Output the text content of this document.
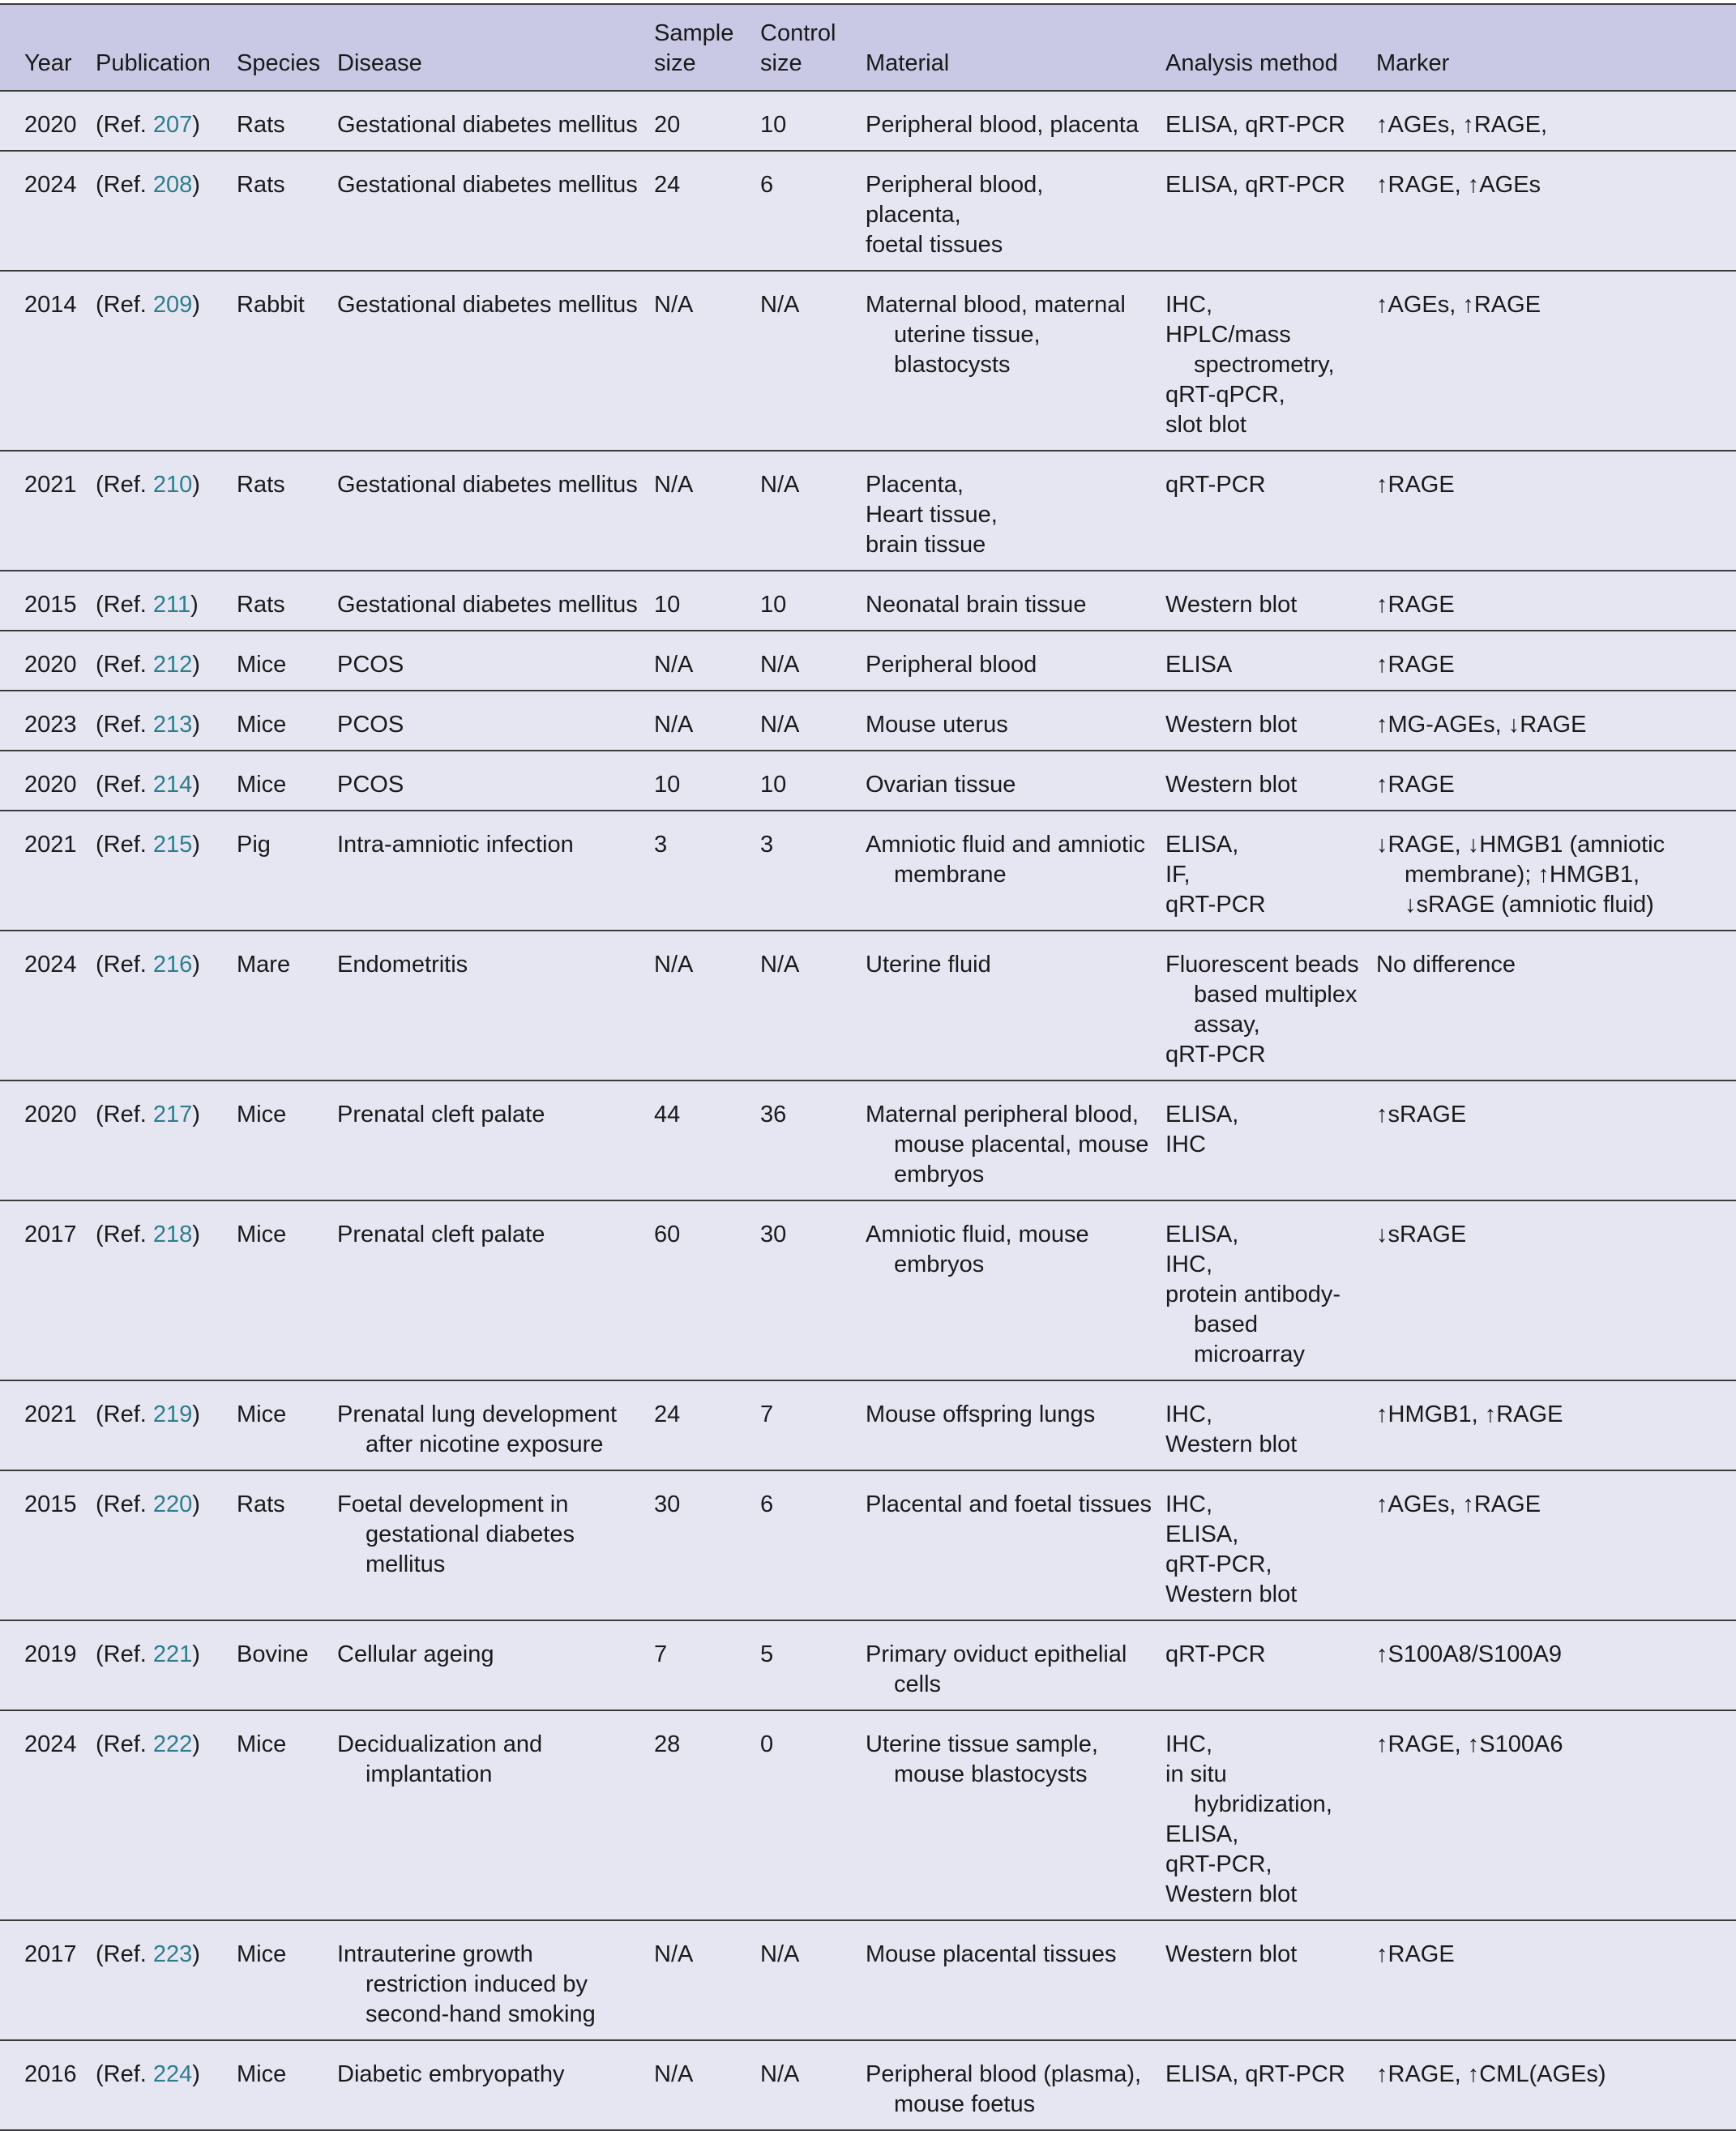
Year	Publication	Species	Disease	Sample size	Control size	Material	Analysis method	Marker
2020	(Ref. 207)	Rats	Gestational diabetes mellitus	20	10	Peripheral blood, placenta	ELISA, qRT-PCR	↑AGEs, ↑RAGE,

2024	(Ref. 208)	Rats	Gestational diabetes mellitus	24	6	Peripheral blood,
placenta,
foetal tissues	ELISA, qRT-PCR	↑RAGE, ↑AGEs

2014	(Ref. 209)	Rabbit	Gestational diabetes mellitus	N/A	N/A	Maternal blood, maternal uterine tissue, blastocysts	IHC,
HPLC/mass spectrometry,
qRT-qPCR,
slot blot	↑AGEs, ↑RAGE

2021	(Ref. 210)	Rats	Gestational diabetes mellitus	N/A	N/A	Placenta,
Heart tissue,
brain tissue	qRT-PCR	↑RAGE

2015	(Ref. 211)	Rats	Gestational diabetes mellitus	10	10	Neonatal brain tissue	Western blot	↑RAGE

2020	(Ref. 212)	Mice	PCOS	N/A	N/A	Peripheral blood	ELISA	↑RAGE

2023	(Ref. 213)	Mice	PCOS	N/A	N/A	Mouse uterus	Western blot	↑MG-AGEs, ↓RAGE

2020	(Ref. 214)	Mice	PCOS	10	10	Ovarian tissue	Western blot	↑RAGE

2021	(Ref. 215)	Pig	Intra-amniotic infection	3	3	Amniotic fluid and amniotic membrane	ELISA,
IF,
qRT-PCR	↓RAGE, ↓HMGB1 (amniotic membrane); ↑HMGB1, ↓sRAGE (amniotic fluid)

2024	(Ref. 216)	Mare	Endometritis	N/A	N/A	Uterine fluid	Fluorescent beads based multiplex assay,
qRT-PCR	No difference

2020	(Ref. 217)	Mice	Prenatal cleft palate	44	36	Maternal peripheral blood, mouse placental, mouse embryos	ELISA,
IHC	↑sRAGE

2017	(Ref. 218)	Mice	Prenatal cleft palate	60	30	Amniotic fluid, mouse embryos	ELISA,
IHC,
protein antibody-based microarray	↓sRAGE

2021	(Ref. 219)	Mice	Prenatal lung development after nicotine exposure	24	7	Mouse offspring lungs	IHC,
Western blot	↑HMGB1, ↑RAGE

2015	(Ref. 220)	Rats	Foetal development in gestational diabetes mellitus	30	6	Placental and foetal tissues	IHC,
ELISA,
qRT-PCR,
Western blot	↑AGEs, ↑RAGE

2019	(Ref. 221)	Bovine	Cellular ageing	7	5	Primary oviduct epithelial cells	qRT-PCR	↑S100A8/S100A9

2024	(Ref. 222)	Mice	Decidualization and implantation	28	0	Uterine tissue sample, mouse blastocysts	IHC,
in situ hybridization,
ELISA,
qRT-PCR,
Western blot	↑RAGE, ↑S100A6

2017	(Ref. 223)	Mice	Intrauterine growth restriction induced by second-hand smoking	N/A	N/A	Mouse placental tissues	Western blot	↑RAGE

2016	(Ref. 224)	Mice	Diabetic embryopathy	N/A	N/A	Peripheral blood (plasma), mouse foetus	ELISA, qRT-PCR	↑RAGE, ↑CML(AGEs)
